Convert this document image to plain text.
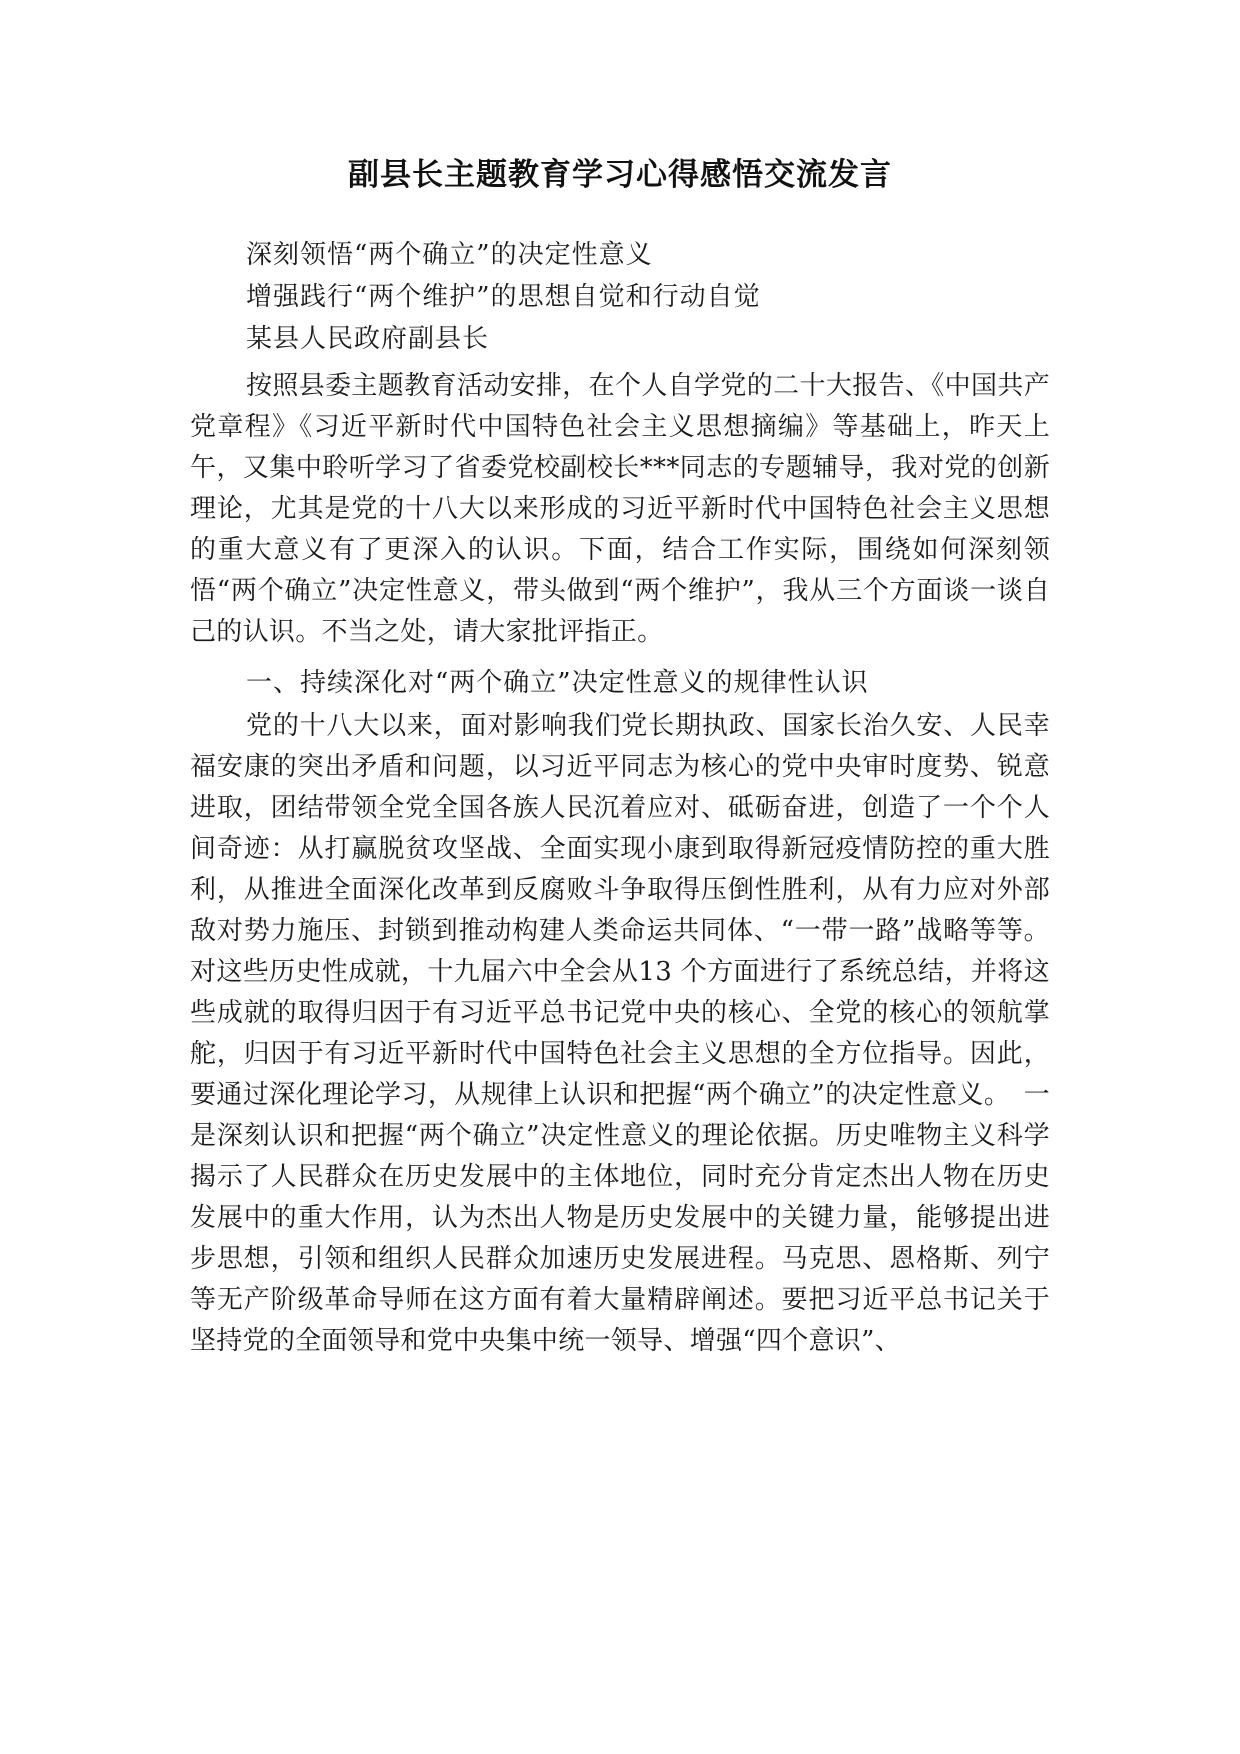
副县长主题教育学习心得感悟交流发言

深刻领悟“两个确立”的决定性意义

增强践行“两个维护”的思想自觉和行动自觉

某县人民政府副县长

按照县委主题教育活动安排，在个人自学党的二十大报告、《中国共产党章程》《习近平新时代中国特色社会主义思想摘编》等基础上，昨天上午，又集中聆听学习了省委党校副校长***同志的专题辅导，我对党的创新理论，尤其是党的十八大以来形成的习近平新时代中国特色社会主义思想的重大意义有了更深入的认识。下面，结合工作实际，围绕如何深刻领悟“两个确立”决定性意义，带头做到“两个维护”，我从三个方面谈一谈自己的认识。不当之处，请大家批评指正。

一、持续深化对“两个确立”决定性意义的规律性认识

党的十八大以来，面对影响我们党长期执政、国家长治久安、人民幸福安康的突出矛盾和问题，以习近平同志为核心的党中央审时度势、锐意进取，团结带领全党全国各族人民沉着应对、砥砺奋进，创造了一个个人间奇迹：从打赢脱贫攻坚战、全面实现小康到取得新冠疫情防控的重大胜利，从推进全面深化改革到反腐败斗争取得压倒性胜利，从有力应对外部敌对势力施压、封锁到推动构建人类命运共同体、“一带一路”战略等等。对这些历史性成就，十九届六中全会从13 个方面进行了系统总结，并将这些成就的取得归因于有习近平总书记党中央的核心、全党的核心的领航掌舵，归因于有习近平新时代中国特色社会主义思想的全方位指导。因此，要通过深化理论学习，从规律上认识和把握“两个确立”的决定性意义。　一是深刻认识和把握“两个确立”决定性意义的理论依据。历史唯物主义科学揭示了人民群众在历史发展中的主体地位，同时充分肯定杰出人物在历史发展中的重大作用，认为杰出人物是历史发展中的关键力量，能够提出进步思想，引领和组织人民群众加速历史发展进程。马克思、恩格斯、列宁等无产阶级革命导师在这方面有着大量精辟阐述。要把习近平总书记关于坚持党的全面领导和党中央集中统一领导、增强“四个意识”、
